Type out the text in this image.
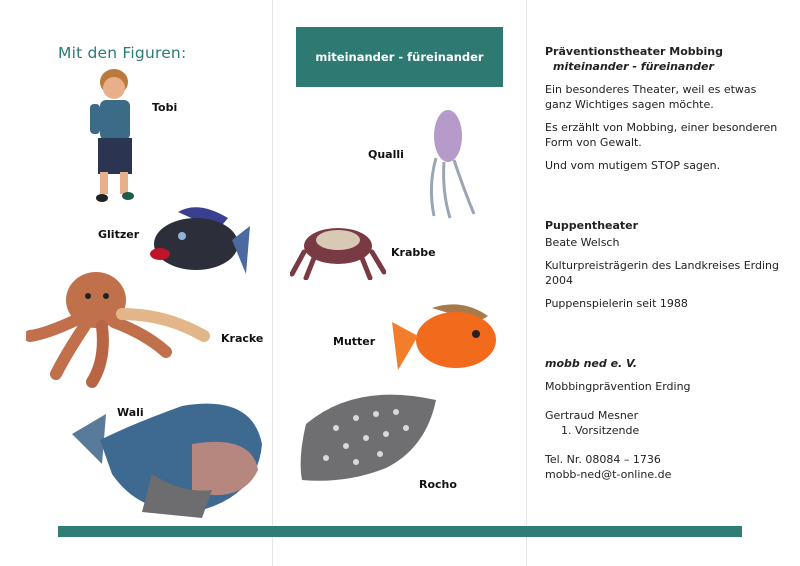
Mit den Figuren:
Tobi
Glitzer
Kracke
Wali
miteinander - füreinander
Qualli
Krabbe
Mutter
Rocho

Präventionstheater Mobbing

miteinander - füreinander

Ein besonderes Theater, weil es etwas ganz Wichtiges sagen möchte.

Es erzählt von Mobbing, einer besonderen Form von Gewalt.

Und vom mutigem STOP sagen.

Puppentheater

Beate Welsch

Kulturpreisträgerin des Landkreises Erding 2004

Puppenspielerin seit 1988

mobb ned e. V.

Mobbingprävention Erding

Gertraud Mesner

1. Vorsitzende

Tel. Nr. 08084 – 1736

mobb-ned@t-online.de
